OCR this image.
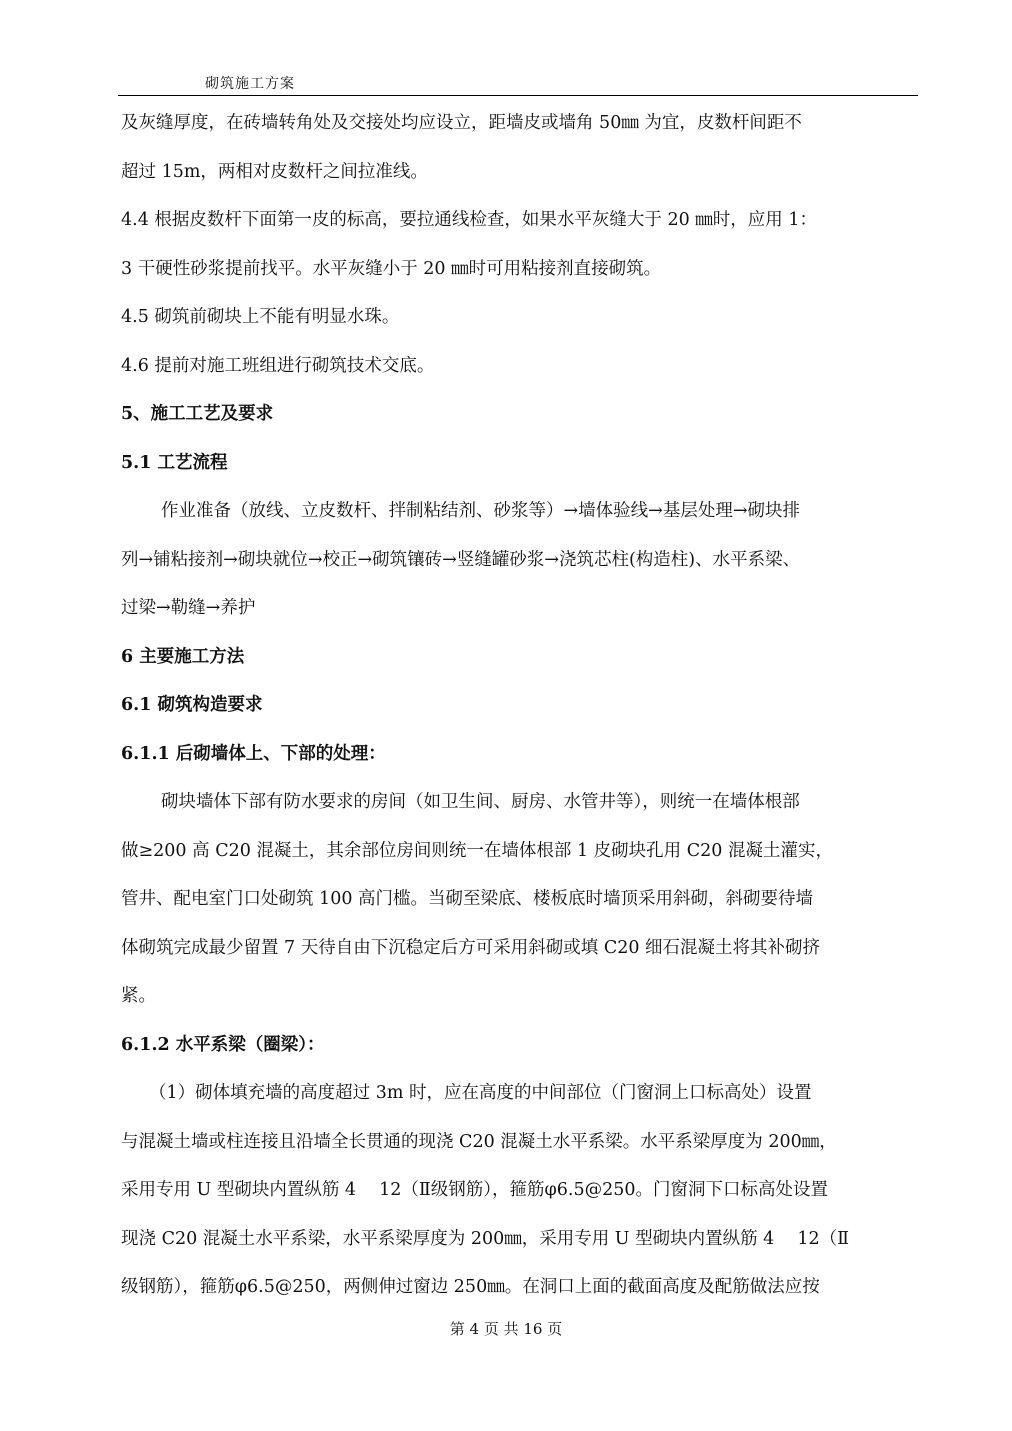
砌筑施工方案
及灰缝厚度，在砖墙转角处及交接处均应设立，距墙皮或墙角 50㎜ 为宜，皮数杆间距不
超过 15m，两相对皮数杆之间拉准线。
4.4 根据皮数杆下面第一皮的标高，要拉通线检查，如果水平灰缝大于 20 ㎜时，应用 1：
3 干硬性砂浆提前找平。水平灰缝小于 20 ㎜时可用粘接剂直接砌筑。
4.5 砌筑前砌块上不能有明显水珠。
4.6 提前对施工班组进行砌筑技术交底。
5、施工工艺及要求
5.1 工艺流程
作业准备（放线、立皮数杆、拌制粘结剂、砂浆等）→墙体验线→基层处理→砌块排
列→铺粘接剂→砌块就位→校正→砌筑镶砖→竖缝罐砂浆→浇筑芯柱(构造柱)、水平系梁、
过梁→勒缝→养护
6 主要施工方法
6.1 砌筑构造要求
6.1.1 后砌墙体上、下部的处理：
砌块墙体下部有防水要求的房间（如卫生间、厨房、水管井等），则统一在墙体根部
做≥200 高 C20 混凝土，其余部位房间则统一在墙体根部 1 皮砌块孔用 C20 混凝土灌实，
管井、配电室门口处砌筑 100 高门槛。当砌至梁底、楼板底时墙顶采用斜砌，斜砌要待墙
体砌筑完成最少留置 7 天待自由下沉稳定后方可采用斜砌或填 C20 细石混凝土将其补砌挤
紧。
6.1.2 水平系梁（圈梁）：
（1）砌体填充墙的高度超过 3m 时，应在高度的中间部位（门窗洞上口标高处）设置
与混凝土墙或柱连接且沿墙全长贯通的现浇 C20 混凝土水平系梁。水平系梁厚度为 200㎜，
采用专用 U 型砌块内置纵筋 4　 12（Ⅱ级钢筋），箍筋φ6.5@250。门窗洞下口标高处设置
现浇 C20 混凝土水平系梁，水平系梁厚度为 200㎜，采用专用 U 型砌块内置纵筋 4　 12（Ⅱ
级钢筋），箍筋φ6.5@250，两侧伸过窗边 250㎜。在洞口上面的截面高度及配筋做法应按
第 4 页 共 16 页
